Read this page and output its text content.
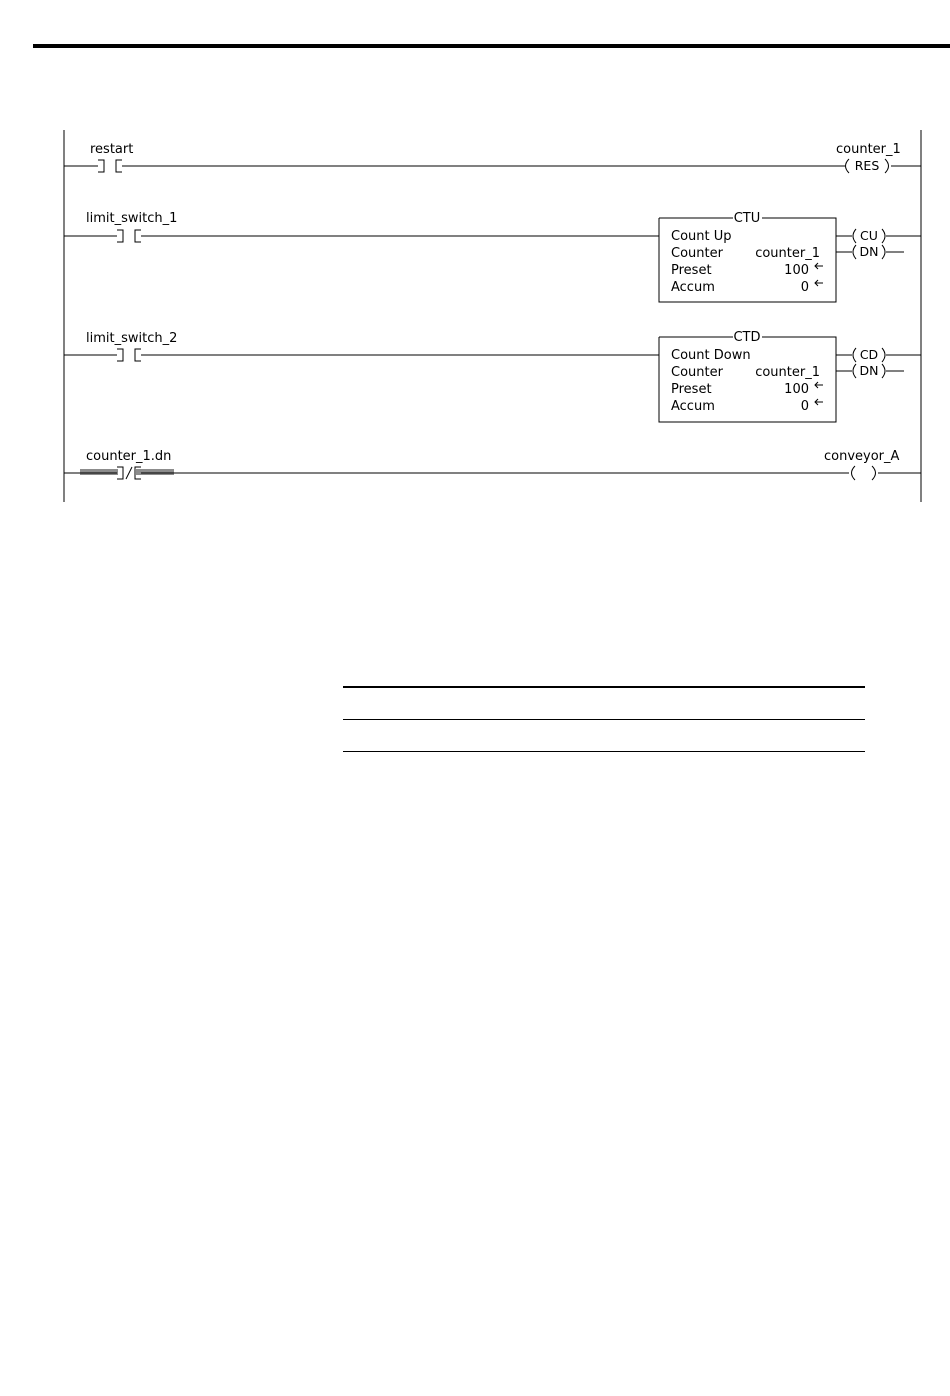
restart	counter_1
RES
limit_switch_1	CTU
Count Up
Counter counter_1
Preset	100
Accum	0
CU
DN
limit_switch_2	CTD
Count Down
Counter counter_1
Preset	100
Accum	0
CD
DN
counter_1.dn	conveyor_A
